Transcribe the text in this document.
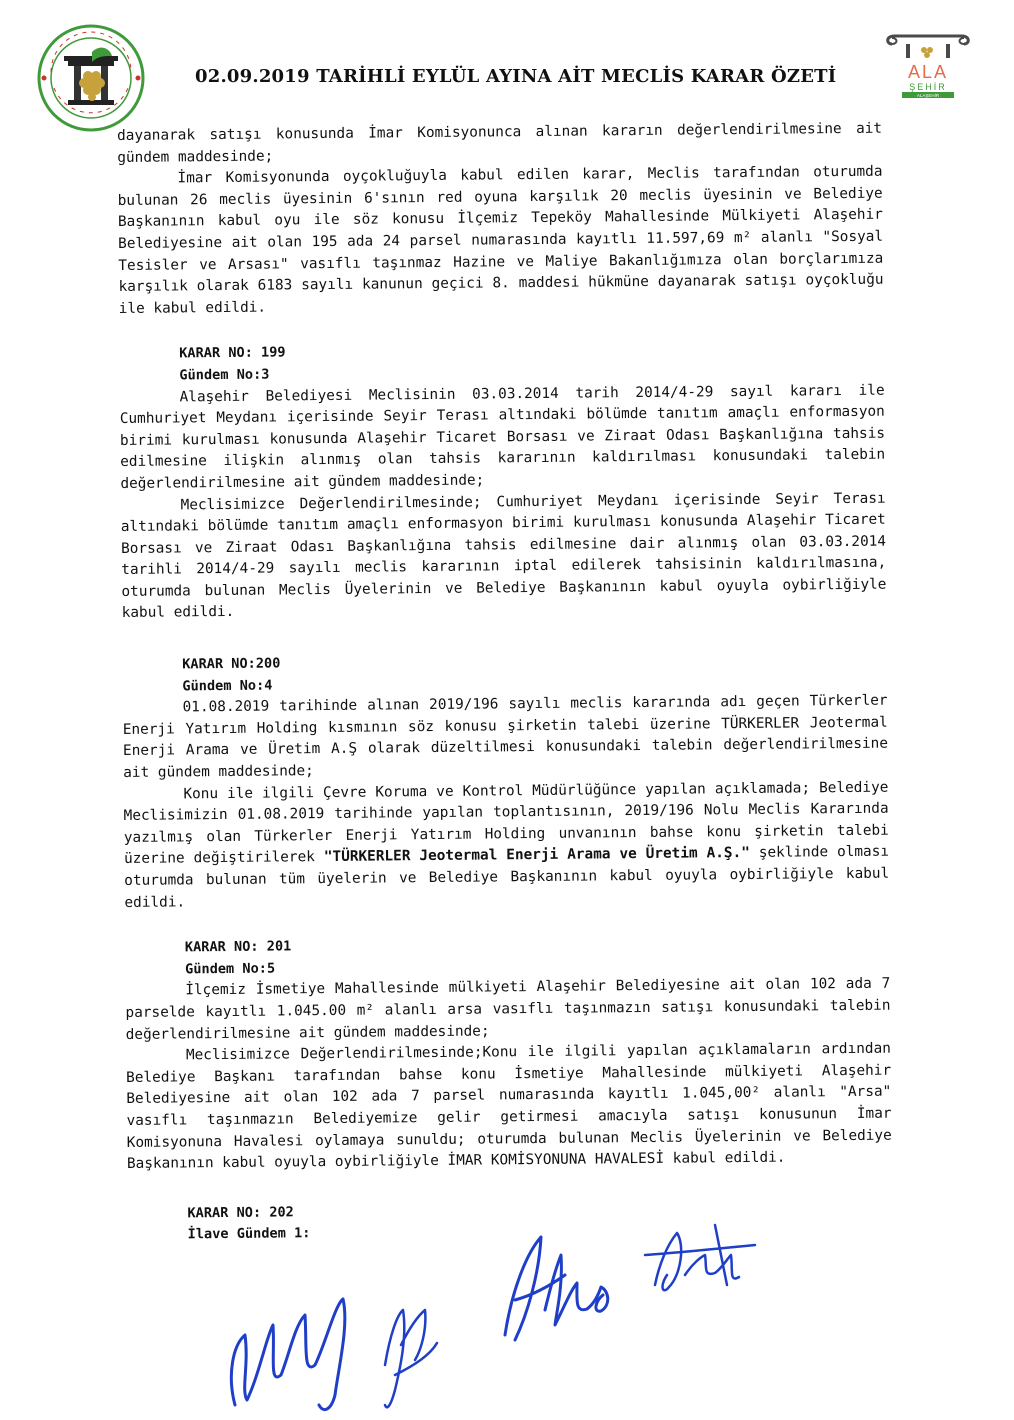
ALA
ŞEHİR
ALAŞEHİR
02.09.2019 TARİHLİ EYLÜL AYINA AİT MECLİS KARAR ÖZETİ

dayanarak satışı konusunda İmar Komisyonunca alınan kararın değerlendirilmesine ait gündem maddesinde;

İmar Komisyonunda oyçokluğuyla kabul edilen karar, Meclis tarafından oturumda bulunan 26 meclis üyesinin 6'sının red oyuna karşılık 20 meclis üyesinin ve Belediye Başkanının kabul oyu ile söz konusu İlçemiz Tepeköy Mahallesinde Mülkiyeti Alaşehir Belediyesine ait olan 195 ada 24 parsel numarasında kayıtlı 11.597,69 m² alanlı "Sosyal Tesisler ve Arsası" vasıflı taşınmaz Hazine ve Maliye Bakanlığımıza olan borçlarımıza karşılık olarak 6183 sayılı kanunun geçici 8. maddesi hükmüne dayanarak satışı oyçokluğu ile kabul edildi.

KARAR NO: 199
Gündem No:3

Alaşehir Belediyesi Meclisinin 03.03.2014 tarih 2014/4-29 sayıl kararı ile Cumhuriyet Meydanı içerisinde Seyir Terası altındaki bölümde tanıtım amaçlı enformasyon birimi kurulması konusunda Alaşehir Ticaret Borsası ve Ziraat Odası Başkanlığına tahsis edilmesine ilişkin alınmış olan tahsis kararının kaldırılması konusundaki talebin değerlendirilmesine ait gündem maddesinde;

Meclisimizce Değerlendirilmesinde; Cumhuriyet Meydanı içerisinde Seyir Terası altındaki bölümde tanıtım amaçlı enformasyon birimi kurulması konusunda Alaşehir Ticaret Borsası ve Ziraat Odası Başkanlığına tahsis edilmesine dair alınmış olan 03.03.2014 tarihli 2014/4-29 sayılı meclis kararının iptal edilerek tahsisinin kaldırılmasına, oturumda bulunan Meclis Üyelerinin ve Belediye Başkanının kabul oyuyla oybirliğiyle kabul edildi.

KARAR NO:200
Gündem No:4

01.08.2019 tarihinde alınan 2019/196 sayılı meclis kararında adı geçen Türkerler Enerji Yatırım Holding kısmının söz konusu şirketin talebi üzerine TÜRKERLER Jeotermal Enerji Arama ve Üretim A.Ş olarak düzeltilmesi konusundaki talebin değerlendirilmesine ait gündem maddesinde;

Konu ile ilgili Çevre Koruma ve Kontrol Müdürlüğünce yapılan açıklamada; Belediye Meclisimizin 01.08.2019 tarihinde yapılan toplantısının, 2019/196 Nolu Meclis Kararında yazılmış olan Türkerler Enerji Yatırım Holding unvanının bahse konu şirketin talebi üzerine değiştirilerek "TÜRKERLER Jeotermal Enerji Arama ve Üretim A.Ş." şeklinde olması oturumda bulunan tüm üyelerin ve Belediye Başkanının kabul oyuyla oybirliğiyle kabul edildi.

KARAR NO: 201
Gündem No:5

İlçemiz İsmetiye Mahallesinde mülkiyeti Alaşehir Belediyesine ait olan 102 ada 7 parselde kayıtlı 1.045.00 m² alanlı arsa vasıflı taşınmazın satışı konusundaki talebin değerlendirilmesine ait gündem maddesinde;

Meclisimizce Değerlendirilmesinde;Konu ile ilgili yapılan açıklamaların ardından Belediye Başkanı tarafından bahse konu İsmetiye Mahallesinde mülkiyeti Alaşehir Belediyesine ait olan 102 ada 7 parsel numarasında kayıtlı 1.045,00² alanlı "Arsa" vasıflı taşınmazın Belediyemize gelir getirmesi amacıyla satışı konusunun İmar Komisyonuna Havalesi oylamaya sunuldu; oturumda bulunan Meclis Üyelerinin ve Belediye Başkanının kabul oyuyla oybirliğiyle İMAR KOMİSYONUNA HAVALESİ kabul edildi.

KARAR NO: 202
İlave Gündem 1:
